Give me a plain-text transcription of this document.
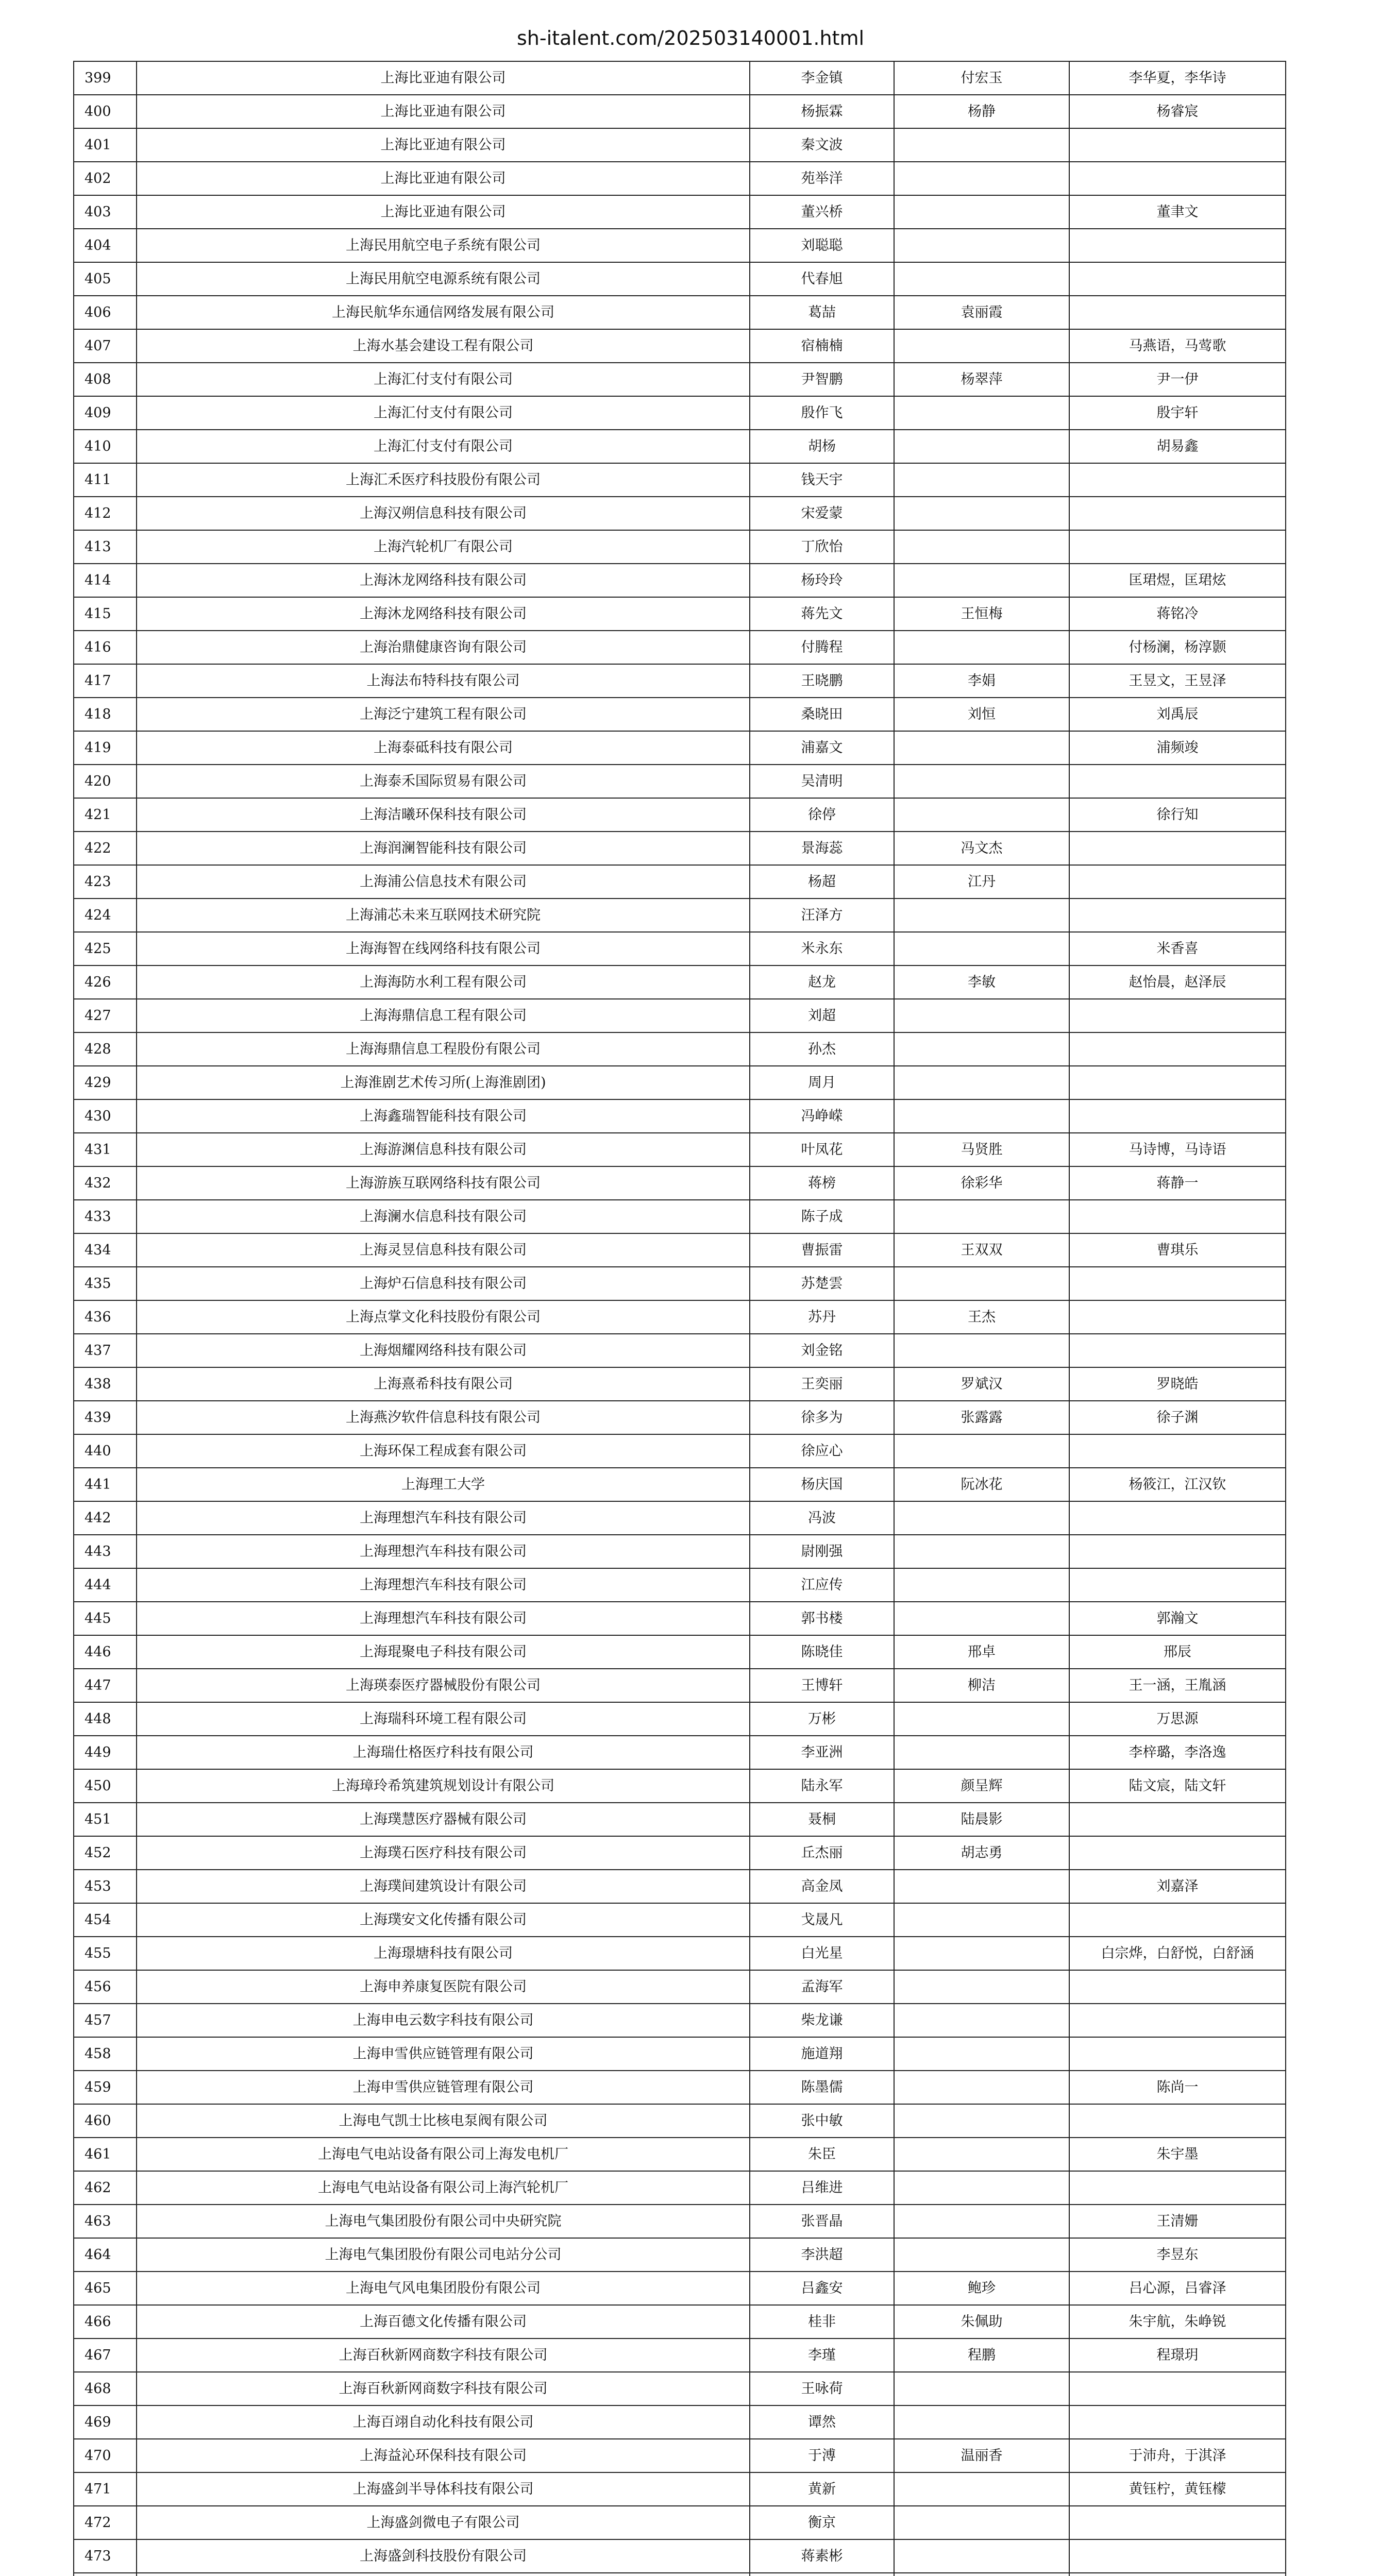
sh-italent.com/202503140001.html
399	上海比亚迪有限公司	李金镇	付宏玉	李华夏，李华诗
400	上海比亚迪有限公司	杨振霖	杨静	杨睿宸
401	上海比亚迪有限公司	秦文波		
402	上海比亚迪有限公司	苑举洋		
403	上海比亚迪有限公司	董兴桥		董聿文
404	上海民用航空电子系统有限公司	刘聪聪		
405	上海民用航空电源系统有限公司	代春旭		
406	上海民航华东通信网络发展有限公司	葛喆	袁丽霞	
407	上海水基会建设工程有限公司	宿楠楠		马燕语，马莺歌
408	上海汇付支付有限公司	尹智鹏	杨翠萍	尹一伊
409	上海汇付支付有限公司	殷作飞		殷宇轩
410	上海汇付支付有限公司	胡杨		胡易鑫
411	上海汇禾医疗科技股份有限公司	钱天宇		
412	上海汉朔信息科技有限公司	宋爱蒙		
413	上海汽轮机厂有限公司	丁欣怡		
414	上海沐龙网络科技有限公司	杨玲玲		匡珺煜，匡珺炫
415	上海沐龙网络科技有限公司	蒋先文	王恒梅	蒋铭冷
416	上海治鼎健康咨询有限公司	付腾程		付杨澜，杨淳颢
417	上海法布特科技有限公司	王晓鹏	李娟	王昱文，王昱泽
418	上海泛宁建筑工程有限公司	桑晓田	刘恒	刘禹辰
419	上海泰砥科技有限公司	浦嘉文		浦频竣
420	上海泰禾国际贸易有限公司	吴清明		
421	上海洁曦环保科技有限公司	徐停		徐行知
422	上海润澜智能科技有限公司	景海蕊	冯文杰	
423	上海浦公信息技术有限公司	杨超	江丹	
424	上海浦芯未来互联网技术研究院	汪泽方		
425	上海海智在线网络科技有限公司	米永东		米香喜
426	上海海防水利工程有限公司	赵龙	李敏	赵怡晨，赵泽辰
427	上海海鼎信息工程有限公司	刘超		
428	上海海鼎信息工程股份有限公司	孙杰		
429	上海淮剧艺术传习所(上海淮剧团)	周月		
430	上海鑫瑞智能科技有限公司	冯峥嵘		
431	上海游渊信息科技有限公司	叶凤花	马贤胜	马诗博，马诗语
432	上海游族互联网络科技有限公司	蒋榜	徐彩华	蒋静一
433	上海澜水信息科技有限公司	陈子成		
434	上海灵昱信息科技有限公司	曹振雷	王双双	曹琪乐
435	上海炉石信息科技有限公司	苏楚雲		
436	上海点掌文化科技股份有限公司	苏丹	王杰	
437	上海烟耀网络科技有限公司	刘金铭		
438	上海熹希科技有限公司	王奕丽	罗斌汉	罗晓皓
439	上海燕汐软件信息科技有限公司	徐多为	张露露	徐子渊
440	上海环保工程成套有限公司	徐应心		
441	上海理工大学	杨庆国	阮冰花	杨筱江，江汉钦
442	上海理想汽车科技有限公司	冯波		
443	上海理想汽车科技有限公司	尉刚强		
444	上海理想汽车科技有限公司	江应传		
445	上海理想汽车科技有限公司	郭书楼		郭瀚文
446	上海琨聚电子科技有限公司	陈晓佳	邢卓	邢辰
447	上海瑛泰医疗器械股份有限公司	王博轩	柳洁	王一涵，王胤涵
448	上海瑞科环境工程有限公司	万彬		万思源
449	上海瑞仕格医疗科技有限公司	李亚洲		李梓璐，李洛逸
450	上海璋玲希筑建筑规划设计有限公司	陆永军	颜呈辉	陆文宸，陆文轩
451	上海璞慧医疗器械有限公司	聂桐	陆晨影	
452	上海璞石医疗科技有限公司	丘杰丽	胡志勇	
453	上海璞间建筑设计有限公司	高金凤		刘嘉泽
454	上海璞安文化传播有限公司	戈晟凡		
455	上海璟塘科技有限公司	白光星		白宗烨，白舒悦，白舒涵
456	上海申养康复医院有限公司	孟海军		
457	上海申电云数字科技有限公司	柴龙谦		
458	上海申雪供应链管理有限公司	施道翔		
459	上海申雪供应链管理有限公司	陈墨儒		陈尚一
460	上海电气凯士比核电泵阀有限公司	张中敏		
461	上海电气电站设备有限公司上海发电机厂	朱臣		朱宇墨
462	上海电气电站设备有限公司上海汽轮机厂	吕维进		
463	上海电气集团股份有限公司中央研究院	张晋晶		王清姗
464	上海电气集团股份有限公司电站分公司	李洪超		李昱东
465	上海电气风电集团股份有限公司	吕鑫安	鲍珍	吕心源，吕睿泽
466	上海百德文化传播有限公司	桂非	朱佩助	朱宇航，朱峥锐
467	上海百秋新网商数字科技有限公司	李瑾	程鹏	程璟玥
468	上海百秋新网商数字科技有限公司	王咏荷		
469	上海百翊自动化科技有限公司	谭然		
470	上海益沁环保科技有限公司	于溥	温丽香	于沛舟，于淇泽
471	上海盛剑半导体科技有限公司	黄新		黄钰柠，黄钰檬
472	上海盛剑微电子有限公司	衡京		
473	上海盛剑科技股份有限公司	蒋素彬		
